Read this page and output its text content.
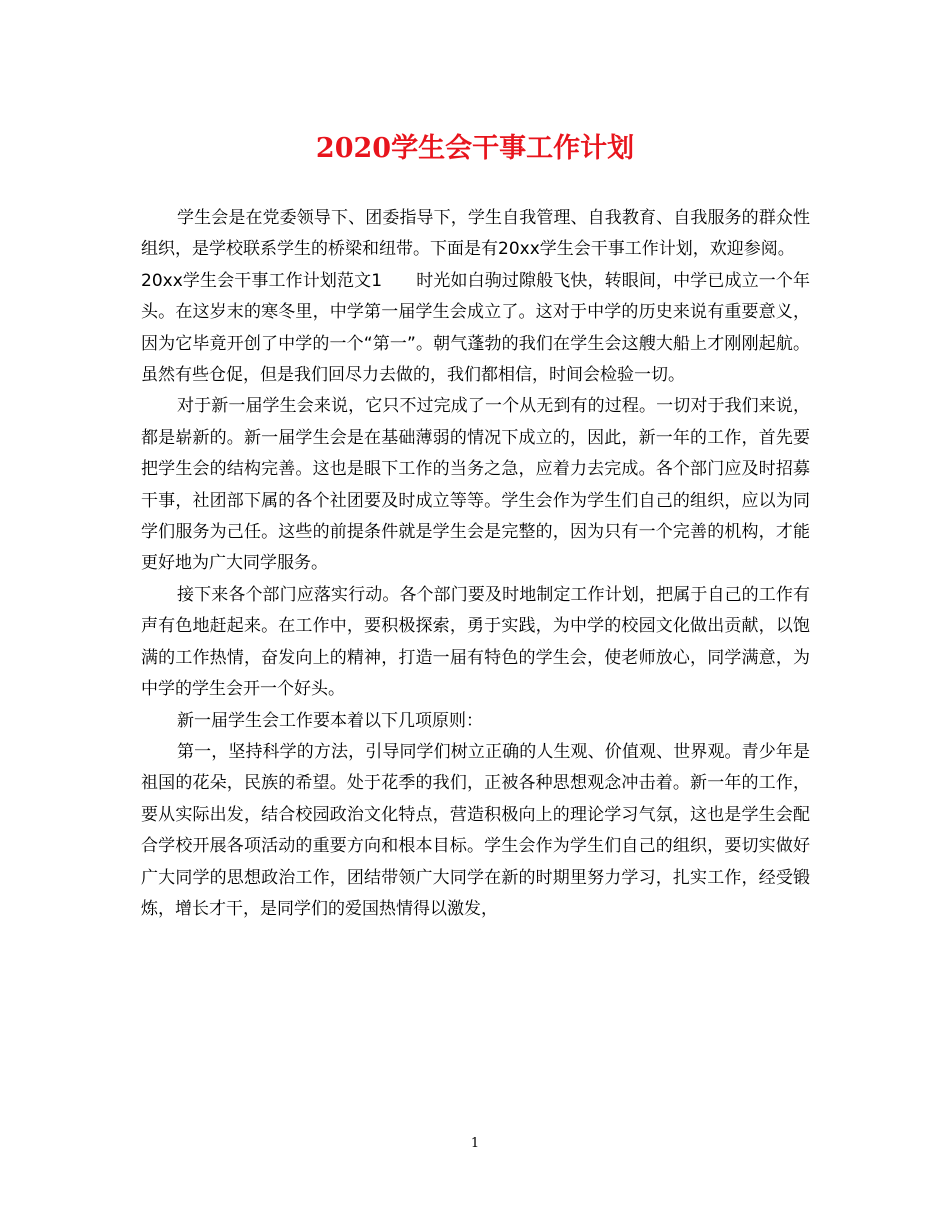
2020学生会干事工作计划

学生会是在党委领导下、团委指导下，学生自我管理、自我教育、自我服务的群众性组织，是学校联系学生的桥梁和纽带。下面是有20xx学生会干事工作计划，欢迎参阅。

20xx学生会干事工作计划范文1 时光如白驹过隙般飞快，转眼间，中学已成立一个年头。在这岁末的寒冬里，中学第一届学生会成立了。这对于中学的历史来说有重要意义，因为它毕竟开创了中学的一个“第一”。朝气蓬勃的我们在学生会这艘大船上才刚刚起航。虽然有些仓促，但是我们回尽力去做的，我们都相信，时间会检验一切。

对于新一届学生会来说，它只不过完成了一个从无到有的过程。一切对于我们来说，都是崭新的。新一届学生会是在基础薄弱的情况下成立的，因此，新一年的工作，首先要把学生会的结构完善。这也是眼下工作的当务之急，应着力去完成。各个部门应及时招募干事，社团部下属的各个社团要及时成立等等。学生会作为学生们自己的组织，应以为同学们服务为己任。这些的前提条件就是学生会是完整的，因为只有一个完善的机构，才能更好地为广大同学服务。

接下来各个部门应落实行动。各个部门要及时地制定工作计划，把属于自己的工作有声有色地赶起来。在工作中，要积极探索，勇于实践，为中学的校园文化做出贡献，以饱满的工作热情，奋发向上的精神，打造一届有特色的学生会，使老师放心，同学满意，为中学的学生会开一个好头。

新一届学生会工作要本着以下几项原则：

第一，坚持科学的方法，引导同学们树立正确的人生观、价值观、世界观。青少年是祖国的花朵，民族的希望。处于花季的我们，正被各种思想观念冲击着。新一年的工作，要从实际出发，结合校园政治文化特点，营造积极向上的理论学习气氛，这也是学生会配合学校开展各项活动的重要方向和根本目标。学生会作为学生们自己的组织，要切实做好广大同学的思想政治工作，团结带领广大同学在新的时期里努力学习，扎实工作，经受锻炼，增长才干，是同学们的爱国热情得以激发，

1
